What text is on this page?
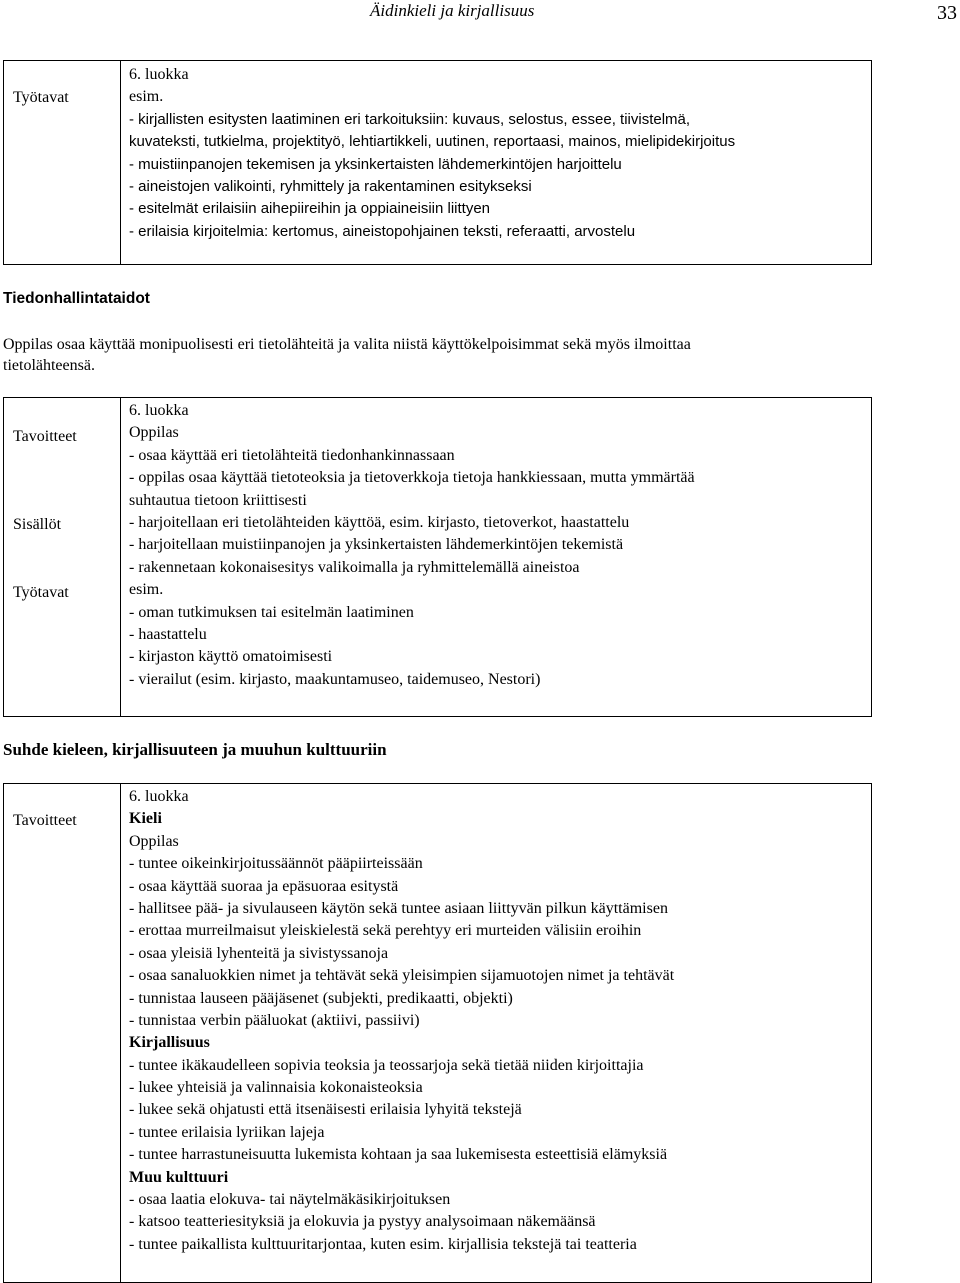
Äidinkieli ja kirjallisuus	33
Työtavat
6. luokka
esim.
- kirjallisten esitysten laatiminen eri tarkoituksiin: kuvaus, selostus, essee, tiivistelmä,
kuvateksti, tutkielma, projektityö, lehtiartikkeli, uutinen, reportaasi, mainos, mielipidekirjoitus
- muistiinpanojen tekemisen ja yksinkertaisten lähdemerkintöjen harjoittelu
- aineistojen valikointi, ryhmittely ja rakentaminen esitykseksi
- esitelmät erilaisiin aihepiireihin ja oppiaineisiin liittyen
- erilaisia kirjoitelmia: kertomus, aineistopohjainen teksti, referaatti, arvostelu
Tiedonhallintataidot
Oppilas osaa käyttää monipuolisesti eri tietolähteitä ja valita niistä käyttökelpoisimmat sekä myös ilmoittaa
tietolähteensä.
Tavoitteet
Sisällöt
Työtavat
6. luokka
Oppilas
- osaa käyttää eri tietolähteitä tiedonhankinnassaan
- oppilas osaa käyttää tietoteoksia ja tietoverkkoja tietoja hankkiessaan, mutta ymmärtää
suhtautua tietoon kriittisesti
- harjoitellaan eri tietolähteiden käyttöä, esim. kirjasto, tietoverkot, haastattelu
- harjoitellaan muistiinpanojen ja yksinkertaisten lähdemerkintöjen tekemistä
- rakennetaan kokonaisesitys valikoimalla ja ryhmittelemällä aineistoa
esim.
- oman tutkimuksen tai esitelmän laatiminen
- haastattelu
- kirjaston käyttö omatoimisesti
- vierailut (esim. kirjasto, maakuntamuseo, taidemuseo, Nestori)
Suhde kieleen, kirjallisuuteen ja muuhun kulttuuriin
Tavoitteet
6. luokka
Kieli
Oppilas
- tuntee oikeinkirjoitussäännöt pääpiirteissään
- osaa käyttää suoraa ja epäsuoraa esitystä
- hallitsee pää- ja sivulauseen käytön sekä tuntee asiaan liittyvän pilkun käyttämisen
- erottaa murreilmaisut yleiskielestä sekä perehtyy eri murteiden välisiin eroihin
- osaa yleisiä lyhenteitä ja sivistyssanoja
- osaa sanaluokkien nimet ja tehtävät sekä yleisimpien sijamuotojen nimet ja tehtävät
- tunnistaa lauseen pääjäsenet (subjekti, predikaatti, objekti)
- tunnistaa verbin pääluokat (aktiivi, passiivi)
Kirjallisuus
- tuntee ikäkaudelleen sopivia teoksia ja teossarjoja sekä tietää niiden kirjoittajia
- lukee yhteisiä ja valinnaisia kokonaisteoksia
- lukee sekä ohjatusti että itsenäisesti erilaisia lyhyitä tekstejä
- tuntee erilaisia lyriikan lajeja
- tuntee harrastuneisuutta lukemista kohtaan ja saa lukemisesta esteettisiä elämyksiä
Muu kulttuuri
- osaa laatia elokuva- tai näytelmäkäsikirjoituksen
- katsoo teatteriesityksiä ja elokuvia ja pystyy analysoimaan näkemäänsä
- tuntee paikallista kulttuuritarjontaa, kuten esim. kirjallisia tekstejä tai teatteria
